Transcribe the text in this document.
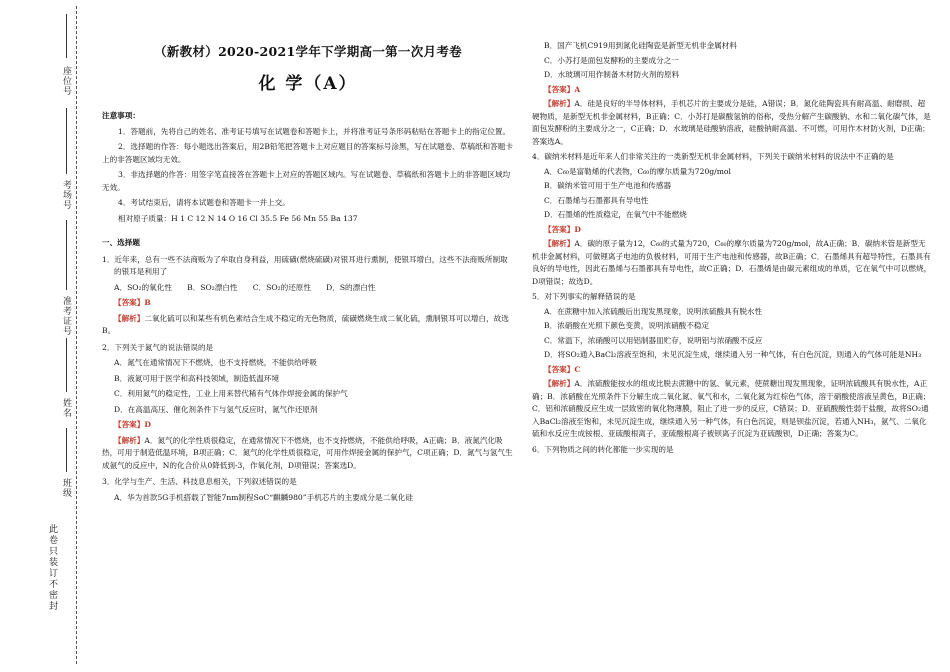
座位号
考场号
准考证号
姓名
班级
此卷只装订不密封
（新教材）2020-2021学年下学期高一第一次月考卷
化 学（A）

注意事项：

1．答题前，先将自己的姓名、准考证号填写在试题卷和答题卡上，并将准考证号条形码粘贴在答题卡上的指定位置。

2．选择题的作答：每小题选出答案后，用2B铅笔把答题卡上对应题目的答案标号涂黑，写在试题卷、草稿纸和答题卡上的非答题区域均无效。

3．非选择题的作答：用签字笔直接答在答题卡上对应的答题区域内。写在试题卷、草稿纸和答题卡上的非答题区域均无效。

4．考试结束后，请将本试题卷和答题卡一并上交。

相对原子质量：H 1 C 12 N 14 O 16 Cl 35.5 Fe 56 Mn 55 Ba 137

一、选择题

1．近年来，总有一些不法商贩为了牟取自身利益，用硫磺(燃烧硫磺)对银耳进行熏制，使银耳增白，这些不法商贩所制取的银耳是利用了

A．SO₂的氧化性　　B．SO₂漂白性　　C．SO₂的还原性　　D．S的漂白性

【答案】B

【解析】二氧化硫可以和某些有机色素结合生成不稳定的无色物质，硫磺燃烧生成二氧化硫，熏制银耳可以增白，故选B。

2．下列关于氮气的说法错误的是

A．氮气在通常情况下不燃烧，也不支持燃烧，不能供给呼吸

B．液氮可用于医学和高科技领域，制造低温环境

C．利用氮气的稳定性，工业上用来替代稀有气体作焊接金属的保护气

D．在高温高压、催化剂条件下与氢气反应时，氮气作还原剂

【答案】D

【解析】A．氮气的化学性质很稳定，在通常情况下不燃烧，也不支持燃烧，不能供给呼吸，A正确；B．液氮汽化吸热，可用于制造低温环境，B项正确；C．氮气的化学性质很稳定，可用作焊接金属的保护气，C项正确；D．氮气与氢气生成氨气的反应中，N的化合价从0降低到-3，作氧化剂，D项错误；答案选D。

3．化学与生产、生活、科技息息相关，下列叙述错误的是

A．华为首款5G手机搭载了智能7nm制程SoC“麒麟980”手机芯片的主要成分是二氧化硅

B．国产飞机C919用到氮化硅陶瓷是新型无机非金属材料

C．小苏打是面包发酵粉的主要成分之一

D．水玻璃可用作制备木材防火剂的原料

【答案】A

【解析】A．硅是良好的半导体材料，手机芯片的主要成分是硅，A错误；B．氮化硅陶瓷具有耐高温、耐磨损、超硬物质，是新型无机非金属材料，B正确；C．小苏打是碳酸氢钠的俗称，受热分解产生碳酸钠、水和二氧化碳气体，是面包发酵粉的主要成分之一，C正确；D．水玻璃是硅酸钠溶液，硅酸钠耐高温、不可燃，可用作木材防火剂，D正确；答案选A。

4．碳纳米材料是近年来人们非常关注的一类新型无机非金属材料，下列关于碳纳米材料的说法中不正确的是

A．C₆₀是富勒烯的代表物，C₆₀的摩尔质量为720g/mol

B．碳纳米管可用于生产电池和传感器

C．石墨烯与石墨都具有导电性

D．石墨烯的性质稳定，在氧气中不能燃烧

【答案】D

【解析】A．碳的原子量为12，C₆₀的式量为720，C₆₀的摩尔质量为720g/mol，故A正确；B．碳纳米管是新型无机非金属材料，可做锂离子电池的负极材料，可用于生产电池和传感器，故B正确；C．石墨烯具有超导特性，石墨具有良好的导电性，因此石墨烯与石墨都具有导电性，故C正确；D．石墨烯是由碳元素组成的单质，它在氧气中可以燃烧，D项错误；故选D。

5．对下列事实的解释错误的是

A．在蔗糖中加入浓硫酸后出现发黑现象，说明浓硫酸具有脱水性

B．浓硝酸在光照下颜色变黄，说明浓硝酸不稳定

C．常温下，浓硝酸可以用铝制器皿贮存，说明铝与浓硝酸不反应

D．将SO₂通入BaCl₂溶液至饱和，未见沉淀生成，继续通入另一种气体，有白色沉淀，则通入的气体可能是NH₃

【答案】C

【解析】A．浓硫酸能按水的组成比脱去蔗糖中的氢、氧元素，使蔗糖出现发黑现象，证明浓硫酸具有脱水性，A正确；B．浓硝酸在光照条件下分解生成二氧化氮、氧气和水，二氧化氮为红棕色气体，溶于硝酸使溶液呈黄色，B正确；C．铝和浓硝酸反应生成一层致密的氧化物薄膜，阻止了进一步的反应，C错误；D．亚硫酸酸性弱于盐酸，故将SO₂通入BaCl₂溶液至饱和，未见沉淀生成，继续通入另一种气体，有白色沉淀，则是钡盐沉淀，若通入NH₃，氨气、二氧化硫和水反应生成铵根、亚硫酸根离子，亚硫酸根离子被钡离子沉淀为亚硫酸钡，D正确；答案为C。

6．下列物质之间的转化都能一步实现的是
